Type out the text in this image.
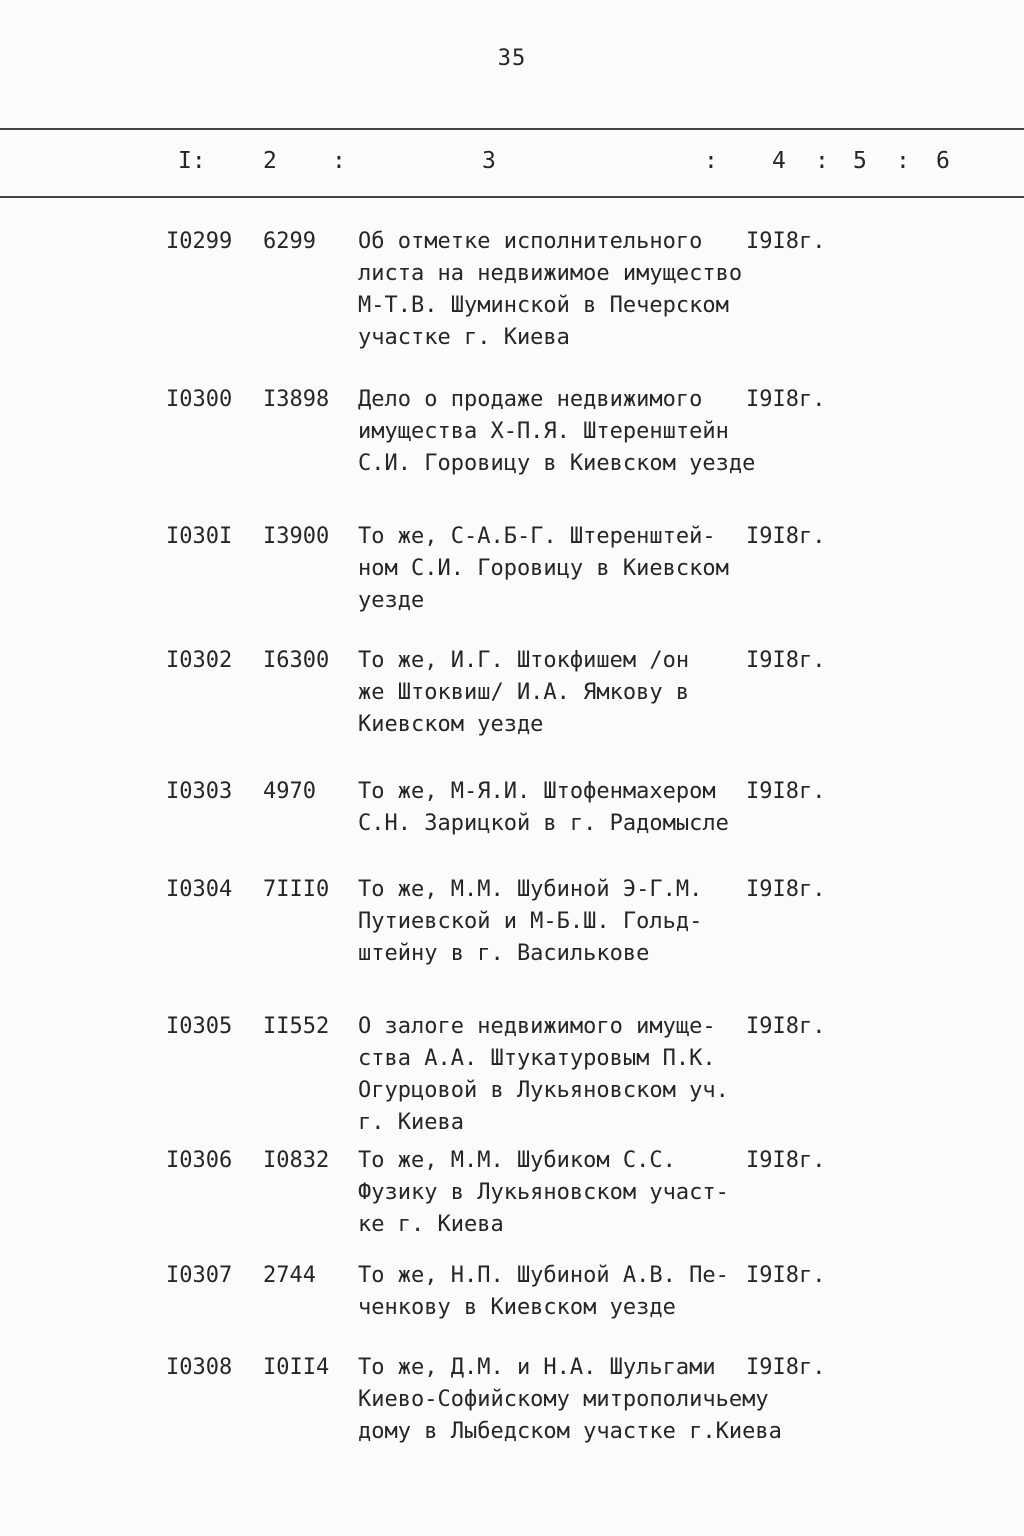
35
I: 2 :	3	: 4 : 5 : 6
I0299 6299 Об отметке исполнительного
листа на недвижимое имущество
М-Т.В. Шуминской в Печерском
участке г. Киева
I9I8г.
I0300 I3898 Дело о продаже недвижимого
имущества Х-П.Я. Штеренштейн
С.И. Горовицу в Киевском уезде
I9I8г.
I030I I3900 То же, С-А.Б-Г. Штеренштей-
ном С.И. Горовицу в Киевском
уезде
I9I8г.
I0302 I6300 То же, И.Г. Штокфишем /он
же Штоквиш/ И.А. Ямкову в
Киевском уезде
I9I8г.
I0303 4970 То же, М-Я.И. Штофенмахером
С.Н. Зарицкой в г. Радомысле
I9I8г.
I0304 7III0 То же, М.М. Шубиной Э-Г.М.
Путиевской и М-Б.Ш. Гольд-
штейну в г. Василькове
I9I8г.
I0305 II552 О залоге недвижимого имуще-
ства А.А. Штукатуровым П.К.
Огурцовой в Лукьяновском уч.
г. Киева
I9I8г.
I0306 I0832 То же, М.М. Шубиком С.С.
Фузику в Лукьяновском участ-
ке г. Киева
I9I8г.
I0307 2744 То же, Н.П. Шубиной А.В. Пе-
ченкову в Киевском уезде
I9I8г.
I0308 I0II4 То же, Д.М. и Н.А. Шульгами
Киево-Софийскому митрополичьему
дому в Лыбедском участке г.Киева
I9I8г.
